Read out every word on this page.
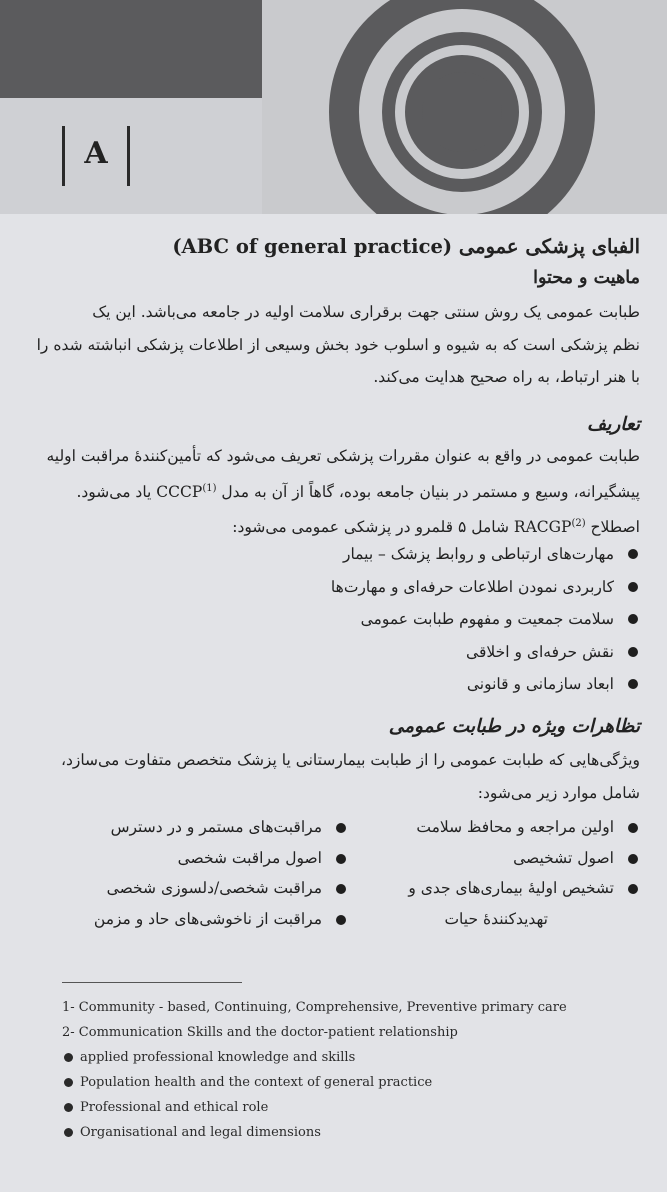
A
الفبای پزشکی عمومی (ABC of general practice)
ماهیت و محتوا
طبابت عمومی یک روش سنتی جهت برقراری سلامت اولیه در جامعه می‌باشد. این یک
نظم پزشکی است که به شیوه و اسلوب خود بخش وسیعی از اطلاعات پزشکی انباشته شده را
با هنر ارتباط، به راه صحیح هدایت می‌کند.
تعاریف
طبابت عمومی در واقع به عنوان مقررات پزشکی تعریف می‌شود که تأمین‌کنندهٔ مراقبت اولیه
پیشگیرانه، وسیع و مستمر در بنیان جامعه بوده، گاهاً از آن به مدل CCCP$^{(1)}$ یاد می‌شود.
اصطلاح RACGP$^{(2)}$ شامل ۵ قلمرو در پزشکی عمومی می‌شود:
مهارت‌های ارتباطی و روابط پزشک – بیمار
کاربردی نمودن اطلاعات حرفه‌ای و مهارت‌ها
سلامت جمعیت و مفهوم طبابت عمومی
نقش حرفه‌ای و اخلاقی
ابعاد سازمانی و قانونی
تظاهرات ویژه در طبابت عمومی
ویژگی‌هایی که طبابت عمومی را از طبابت بیمارستانی یا پزشک متخصص متفاوت می‌سازد،
شامل موارد زیر می‌شود:
اولین مراجعه و محافظ سلامت
اصول تشخیصی
تشخیص اولیهٔ بیماری‌های جدی و
تهدیدکنندهٔ حیات
مراقبت‌های مستمر و در دسترس
اصول مراقبت شخصی
مراقبت شخصی/دلسوزی شخصی
مراقبت از ناخوشی‌های حاد و مزمن
1- Community - based, Continuing, Comprehensive, Preventive primary care
2- Communication Skills and the doctor-patient relationship
applied professional knowledge and skills
Population health and the context of general practice
Professional and ethical role
Organisational and legal dimensions
